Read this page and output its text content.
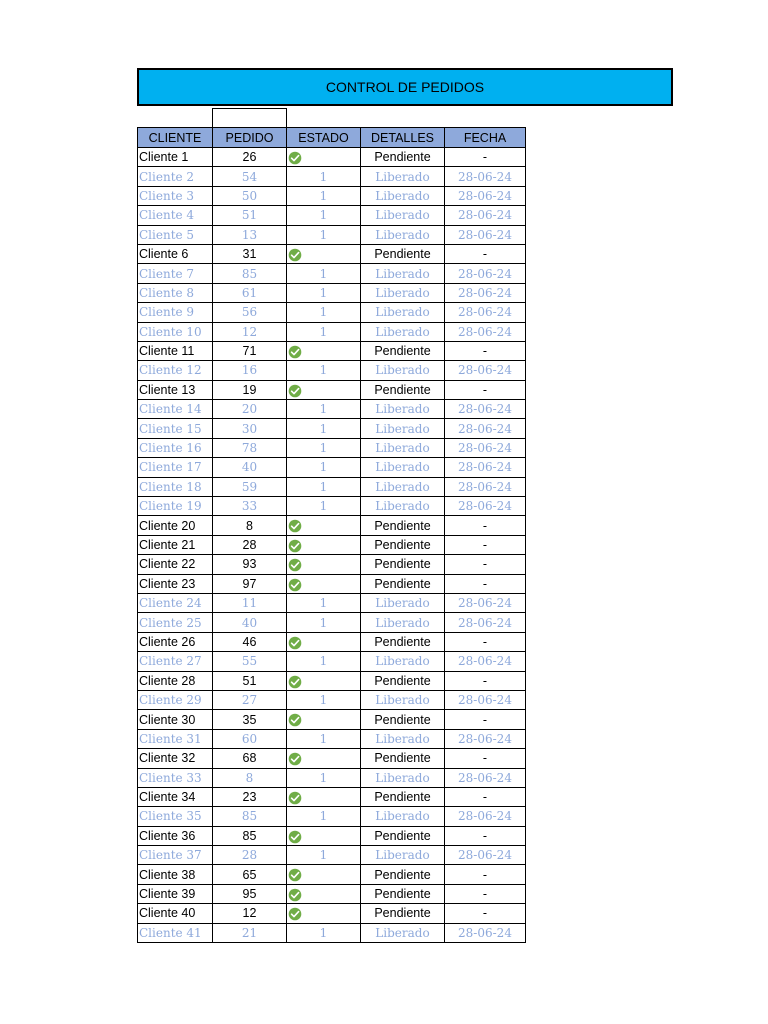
CONTROL DE PEDIDOS
CLIENTE	PEDIDO	ESTADO	DETALLES	FECHA
Cliente 1	26		Pendiente	-
Cliente 2	54	1	Liberado	28-06-24
Cliente 3	50	1	Liberado	28-06-24
Cliente 4	51	1	Liberado	28-06-24
Cliente 5	13	1	Liberado	28-06-24
Cliente 6	31		Pendiente	-
Cliente 7	85	1	Liberado	28-06-24
Cliente 8	61	1	Liberado	28-06-24
Cliente 9	56	1	Liberado	28-06-24
Cliente 10	12	1	Liberado	28-06-24
Cliente 11	71		Pendiente	-
Cliente 12	16	1	Liberado	28-06-24
Cliente 13	19		Pendiente	-
Cliente 14	20	1	Liberado	28-06-24
Cliente 15	30	1	Liberado	28-06-24
Cliente 16	78	1	Liberado	28-06-24
Cliente 17	40	1	Liberado	28-06-24
Cliente 18	59	1	Liberado	28-06-24
Cliente 19	33	1	Liberado	28-06-24
Cliente 20	8		Pendiente	-
Cliente 21	28		Pendiente	-
Cliente 22	93		Pendiente	-
Cliente 23	97		Pendiente	-
Cliente 24	11	1	Liberado	28-06-24
Cliente 25	40	1	Liberado	28-06-24
Cliente 26	46		Pendiente	-
Cliente 27	55	1	Liberado	28-06-24
Cliente 28	51		Pendiente	-
Cliente 29	27	1	Liberado	28-06-24
Cliente 30	35		Pendiente	-
Cliente 31	60	1	Liberado	28-06-24
Cliente 32	68		Pendiente	-
Cliente 33	8	1	Liberado	28-06-24
Cliente 34	23		Pendiente	-
Cliente 35	85	1	Liberado	28-06-24
Cliente 36	85		Pendiente	-
Cliente 37	28	1	Liberado	28-06-24
Cliente 38	65		Pendiente	-
Cliente 39	95		Pendiente	-
Cliente 40	12		Pendiente	-
Cliente 41	21	1	Liberado	28-06-24
